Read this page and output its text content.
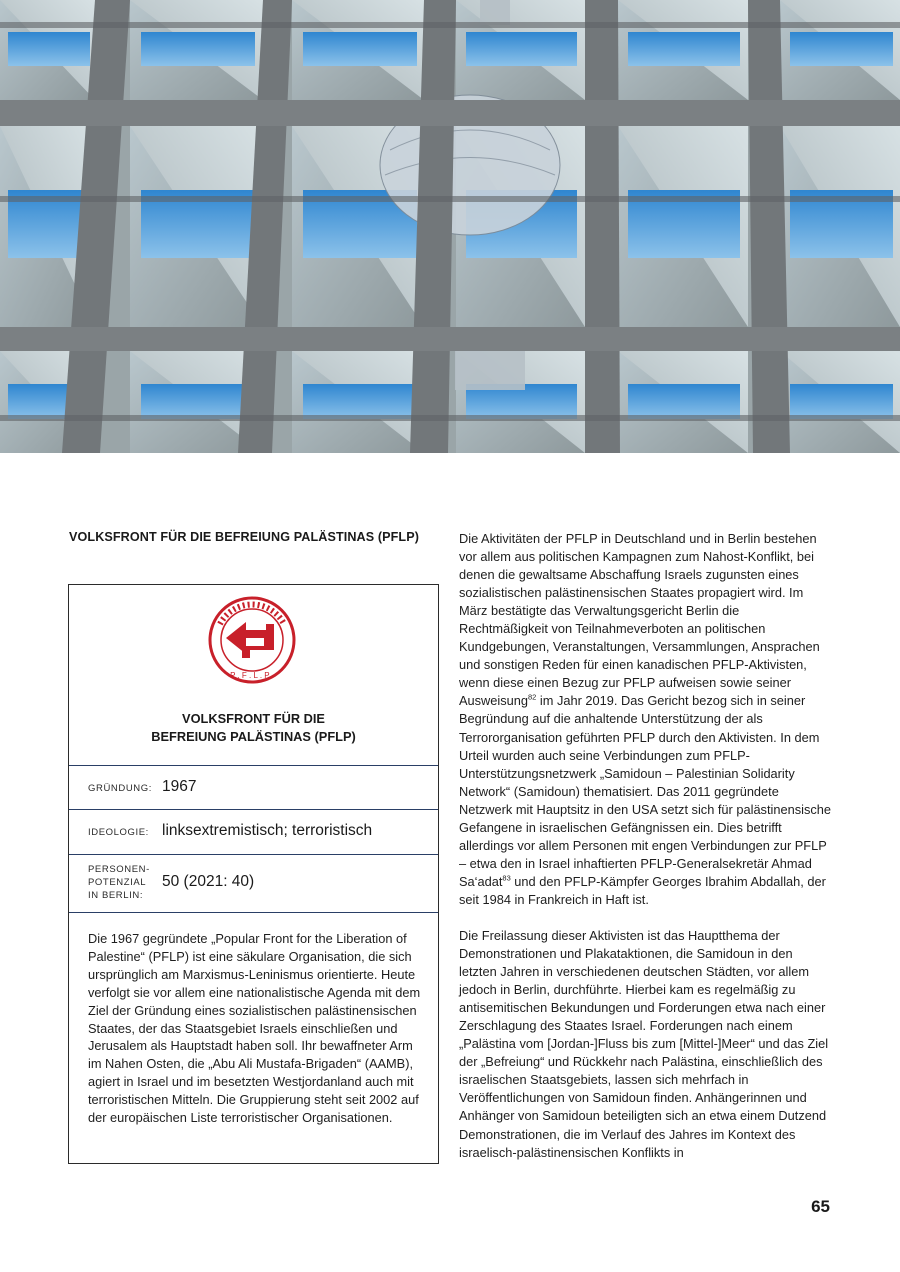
VOLKSFRONT FÜR DIE BEFREIUNG PALÄSTINAS (PFLP)
P . F . L . P .
VOLKSFRONT FÜR DIE
BEFREIUNG PALÄSTINAS (PFLP)
GRÜNDUNG: 1967
IDEOLOGIE: linksextremistisch; terroristisch
PERSONEN-
POTENZIAL
IN BERLIN:
50 (2021: 40)

Die 1967 gegründete „Popular Front for the Liberation of Palestine“ (PFLP) ist eine säkulare Organisation, die sich ursprünglich am Marxismus-Leninismus orientierte. Heute verfolgt sie vor allem eine nationalistische Agenda mit dem Ziel der Gründung eines sozialistischen palästinensischen Staates, der das Staatsgebiet Israels einschließen und Jerusalem als Hauptstadt haben soll. Ihr bewaffneter Arm im Nahen Osten, die „Abu Ali Mustafa-Brigaden“ (AAMB), agiert in Israel und im besetzten Westjordanland auch mit terroristischen Mitteln. Die Gruppierung steht seit 2002 auf der europäischen Liste terroristischer Organisationen.

Die Aktivitäten der PFLP in Deutschland und in Berlin bestehen vor allem aus politischen Kampagnen zum Nahost-Konflikt, bei denen die gewaltsame Abschaffung Israels zugunsten eines sozialistischen palästinensischen Staates propagiert wird. Im März bestätigte das Verwaltungsgericht Berlin die Rechtmäßigkeit von Teilnahmeverboten an politischen Kundgebungen, Veranstaltungen, Versammlungen, Ansprachen und sonstigen Reden für einen kanadischen PFLP-Aktivisten, wenn diese einen Bezug zur PFLP aufweisen sowie seiner Ausweisung$^{82}$ im Jahr 2019. Das Gericht bezog sich in seiner Begründung auf die anhaltende Unterstützung der als Terrororganisation geführten PFLP durch den Aktivisten. In dem Urteil wurden auch seine Verbindungen zum PFLP-Unterstützungsnetzwerk „Samidoun – Palestinian Solidarity Network“ (Samidoun) thematisiert. Das 2011 gegründete Netzwerk mit Hauptsitz in den USA setzt sich für palästinensische Gefangene in israelischen Gefängnissen ein. Dies betrifft allerdings vor allem Personen mit engen Verbindungen zur PFLP – etwa den in Israel inhaftierten PFLP-Generalsekretär Ahmad Sa‘adat$^{83}$ und den PFLP-Kämpfer Georges Ibrahim Abdallah, der seit 1984 in Frankreich in Haft ist.

Die Freilassung dieser Aktivisten ist das Hauptthema der Demonstrationen und Plakataktionen, die Samidoun in den letzten Jahren in verschiedenen deutschen Städten, vor allem jedoch in Berlin, durchführte. Hierbei kam es regelmäßig zu antisemitischen Bekundungen und Forderungen etwa nach einer Zerschlagung des Staates Israel. Forderungen nach einem „Palästina vom [Jordan-]Fluss bis zum [Mittel-]Meer“ und das Ziel der „Befreiung“ und Rückkehr nach Palästina, einschließlich des israelischen Staatsgebiets, lassen sich mehrfach in Veröffentlichungen von Samidoun finden. Anhängerinnen und Anhänger von Samidoun beteiligten sich an etwa einem Dutzend Demonstrationen, die im Verlauf des Jahres im Kontext des israelisch-palästinensischen Konflikts in

65
